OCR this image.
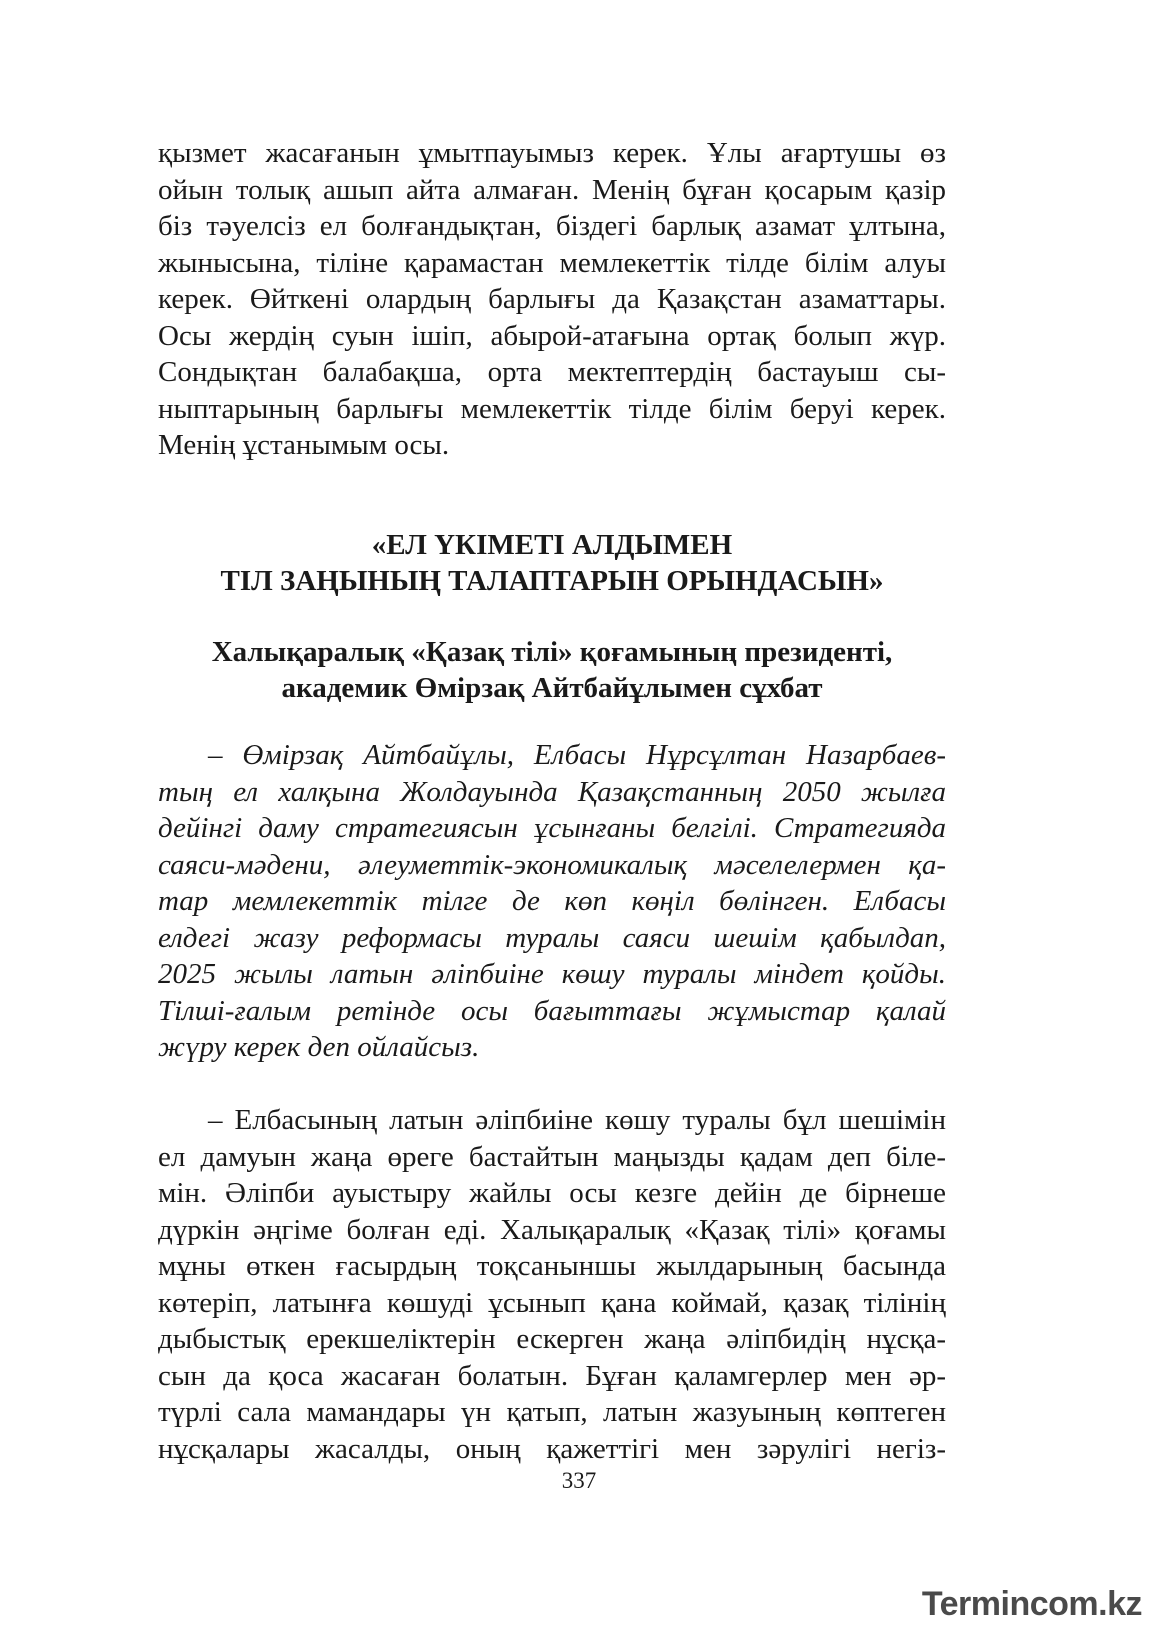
қызмет жасағанын ұмытпауымыз керек. Ұлы ағартушы өз
ойын толық ашып айта алмаған. Менің бұған қосарым қазір
біз тәуелсіз ел болғандықтан, біздегі барлық азамат ұлтына,
жынысына, тіліне қарамастан мемлекеттік тілде білім алуы
керек. Өйткені олардың барлығы да Қазақстан азаматтары.
Осы жердің суын ішіп, абырой-атағына ортақ болып жүр.
Сондықтан балабақша, орта мектептердің бастауыш сы-
ныптарының барлығы мемлекеттік тілде білім беруі керек.
Менің ұстанымым осы.
«ЕЛ ҮКІМЕТІ АЛДЫМЕН
ТІЛ ЗАҢЫНЫҢ ТАЛАПТАРЫН ОРЫНДАСЫН»
Халықаралық «Қазақ тілі» қоғамының президенті,
академик Өмірзақ Айтбайұлымен сұхбат
– Өмірзақ Айтбайұлы, Елбасы Нұрсұлтан Назарбаев-
тың ел халқына Жолдауында Қазақстанның 2050 жылға
дейінгі даму стратегиясын ұсынғаны белгілі. Стратегияда
саяси-мәдени, әлеуметтік-экономикалық мәселелермен қа-
тар мемлекеттік тілге де көп көңіл бөлінген. Елбасы
елдегі жазу реформасы туралы саяси шешім қабылдап,
2025 жылы латын әліпбиіне көшу туралы міндет қойды.
Тілші-ғалым ретінде осы бағыттағы жұмыстар қалай
жүру керек деп ойлайсыз.
– Елбасының латын әліпбиіне көшу туралы бұл шешімін
ел дамуын жаңа өреге бастайтын маңызды қадам деп біле-
мін. Әліпби ауыстыру жайлы осы кезге дейін де бірнеше
дүркін әңгіме болған еді. Халықаралық «Қазақ тілі» қоғамы
мұны өткен ғасырдың тоқсаныншы жылдарының басында
көтеріп, латынға көшуді ұсынып қана коймай, қазақ тілінің
дыбыстық ерекшеліктерін ескерген жаңа әліпбидің нұсқа-
сын да қоса жасаған болатын. Бұған қаламгерлер мен әр-
түрлі сала мамандары үн қатып, латын жазуының көптеген
нұсқалары жасалды, оның қажеттігі мен зәрулігі негіз-
337
Termincom.kz
